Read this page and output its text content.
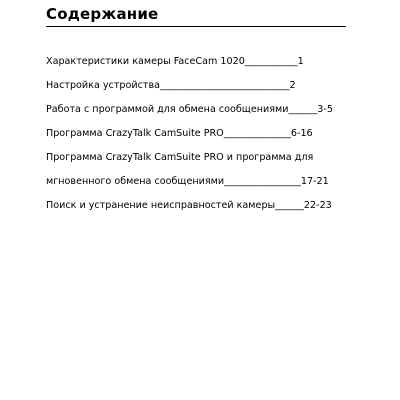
Содержание

Характеристики камеры FaceCam 1020___________1

Настройка устройства___________________________2

Работа с программой для обмена сообщениями______3-5

Программа CrazyTalk CamSuite PRO______________6-16

Программа CrazyTalk CamSuite PRO и программа для

мгновенного обмена сообщениями________________17-21

Поиск и устранение неисправностей камеры______22-23
